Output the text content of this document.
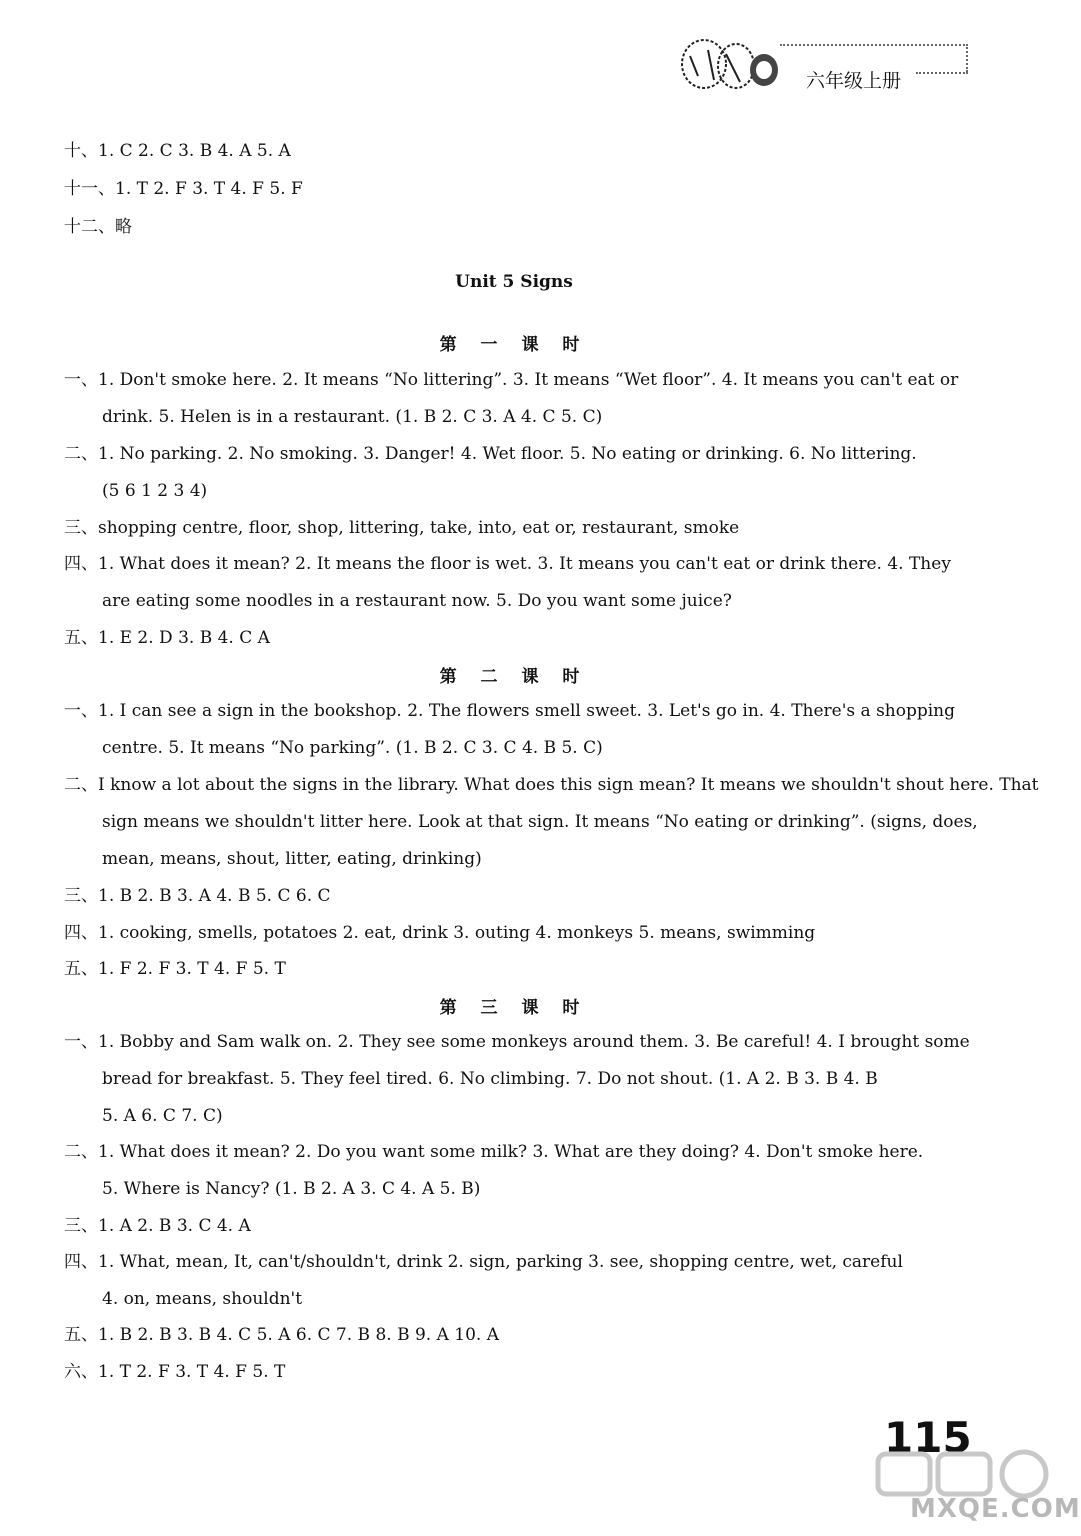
六年级上册
十、1. C 2. C 3. B 4. A 5. A
十一、1. T 2. F 3. T 4. F 5. F
十二、略
Unit 5 Signs
第 一 课 时
一、1. Don't smoke here. 2. It means “No littering”. 3. It means “Wet floor”. 4. It means you can't eat or
drink. 5. Helen is in a restaurant. (1. B 2. C 3. A 4. C 5. C)
二、1. No parking. 2. No smoking. 3. Danger! 4. Wet floor. 5. No eating or drinking. 6. No littering.
(5 6 1 2 3 4)
三、shopping centre, floor, shop, littering, take, into, eat or, restaurant, smoke
四、1. What does it mean? 2. It means the floor is wet. 3. It means you can't eat or drink there. 4. They
are eating some noodles in a restaurant now. 5. Do you want some juice?
五、1. E 2. D 3. B 4. C A
第 二 课 时
一、1. I can see a sign in the bookshop. 2. The flowers smell sweet. 3. Let's go in. 4. There's a shopping
centre. 5. It means “No parking”. (1. B 2. C 3. C 4. B 5. C)
二、I know a lot about the signs in the library. What does this sign mean? It means we shouldn't shout here. That
sign means we shouldn't litter here. Look at that sign. It means “No eating or drinking”. (signs, does,
mean, means, shout, litter, eating, drinking)
三、1. B 2. B 3. A 4. B 5. C 6. C
四、1. cooking, smells, potatoes 2. eat, drink 3. outing 4. monkeys 5. means, swimming
五、1. F 2. F 3. T 4. F 5. T
第 三 课 时
一、1. Bobby and Sam walk on. 2. They see some monkeys around them. 3. Be careful! 4. I brought some
bread for breakfast. 5. They feel tired. 6. No climbing. 7. Do not shout. (1. A 2. B 3. B 4. B
5. A 6. C 7. C)
二、1. What does it mean? 2. Do you want some milk? 3. What are they doing? 4. Don't smoke here.
5. Where is Nancy? (1. B 2. A 3. C 4. A 5. B)
三、1. A 2. B 3. C 4. A
四、1. What, mean, It, can't/shouldn't, drink 2. sign, parking 3. see, shopping centre, wet, careful
4. on, means, shouldn't
五、1. B 2. B 3. B 4. C 5. A 6. C 7. B 8. B 9. A 10. A
六、1. T 2. F 3. T 4. F 5. T
115
MXQE.COM
